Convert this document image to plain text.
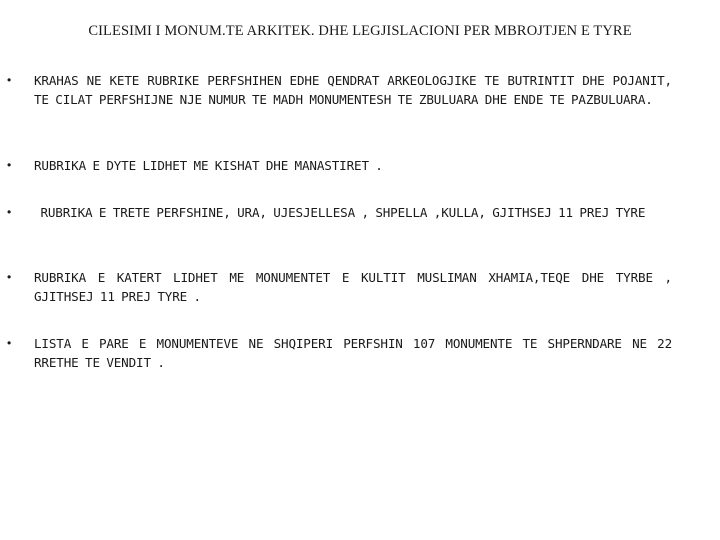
CILESIMI I MONUM.TE ARKITEK. DHE LEGJISLACIONI PER MBROJTJEN E TYRE
• KRAHAS NE KETE RUBRIKE PERFSHIHEN EDHE QENDRAT ARKEOLOGJIKE TE BUTRINTIT DHE POJANIT, TE CILAT PERFSHIJNE NJE NUMUR TE MADH MONUMENTESH TE ZBULUARA DHE ENDE TE PAZBULUARA.
• RUBRIKA E DYTE LIDHET ME KISHAT DHE MANASTIRET .
• RUBRIKA E TRETE PERFSHINE, URA, UJESJELLESA , SHPELLA ,KULLA, GJITHSEJ 11 PREJ TYRE
• RUBRIKA E KATERT LIDHET ME MONUMENTET E KULTIT MUSLIMAN XHAMIA,TEQE DHE TYRBE , GJITHSEJ 11 PREJ TYRE .
• LISTA E PARE E MONUMENTEVE NE SHQIPERI PERFSHIN 107 MONUMENTE TE SHPERNDARE NE 22 RRETHE TE VENDIT .
